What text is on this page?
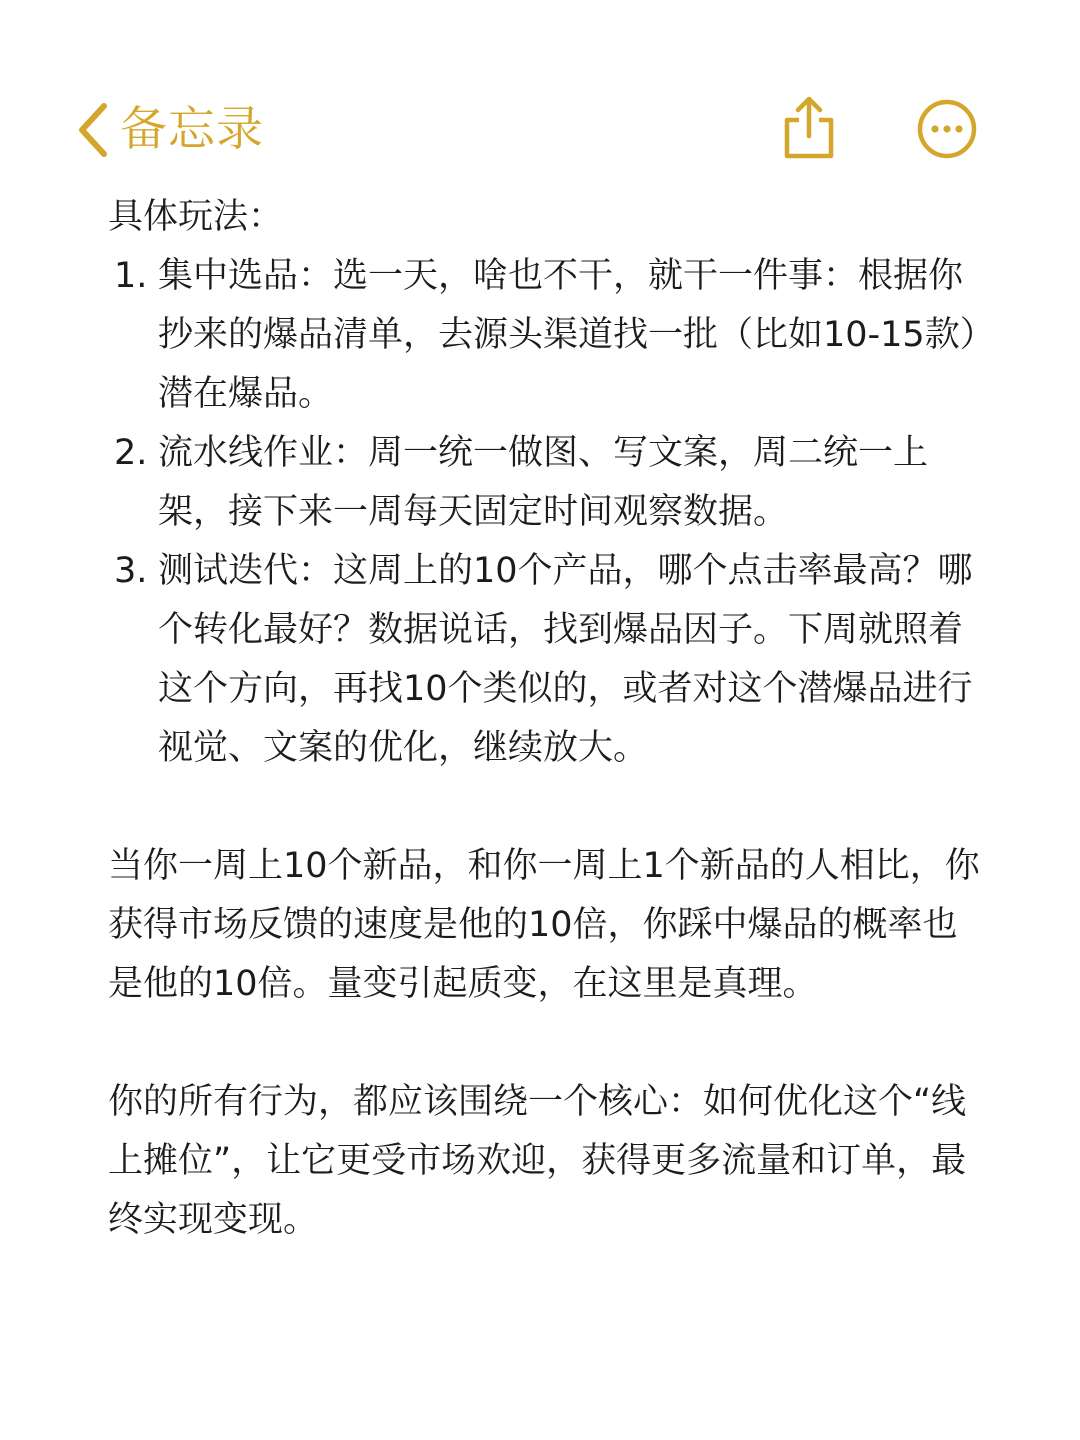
备忘录

具体玩法：

1. 集中选品：选一天，啥也不干，就干一件事：根据你抄来的爆品清单，去源头渠道找一批（比如10-15款）潜在爆品。
2. 流水线作业：周一统一做图、写文案，周二统一上架，接下来一周每天固定时间观察数据。
3. 测试迭代：这周上的10个产品，哪个点击率最高？哪个转化最好？数据说话，找到爆品因子。下周就照着这个方向，再找10个类似的，或者对这个潜爆品进行视觉、文案的优化，继续放大。

当你一周上10个新品，和你一周上1个新品的人相比，你获得市场反馈的速度是他的10倍，你踩中爆品的概率也是他的10倍。量变引起质变，在这里是真理。

你的所有行为，都应该围绕一个核心：如何优化这个“线上摊位”，让它更受市场欢迎，获得更多流量和订单，最终实现变现。
